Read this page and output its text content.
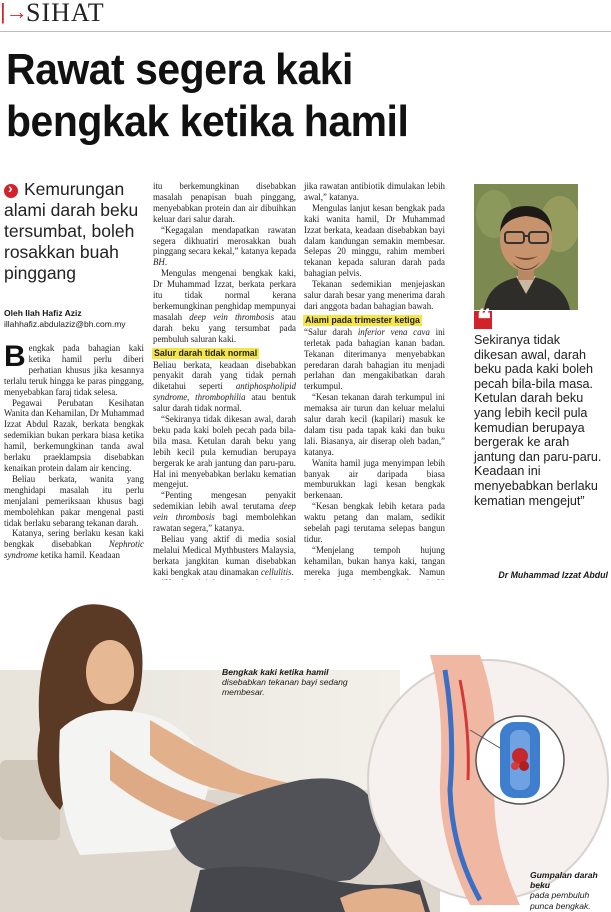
|→
SIHAT
Rawat segera kaki
bengkak ketika hamil
›
Kemurungan alami darah beku tersumbat, boleh rosakkan buah pinggang
Oleh Ilah Hafiz Aziz
illahhafiz.abdulaziz@bh.com.my

Bengkak pada bahagian kaki ketika hamil perlu diberi perhatian khusus jika kesannya terlalu teruk hingga ke paras pinggang, menyebabkan faraj tidak selesa.

Pegawai Perubatan Kesihatan Wanita dan Kehamilan, Dr Muhammad Izzat Abdul Razak, berkata bengkak sedemikian bukan perkara biasa ketika hamil, berkemungkinan tanda awal berlaku praeklampsia disebabkan kenaikan protein dalam air kencing.

Beliau berkata, wanita yang menghidapi masalah itu perlu menjalani pemeriksaan khusus bagi membolehkan pakar mengenal pasti tidak berlaku sebarang tekanan darah.

Katanya, sering berlaku kesan kaki bengkak disebabkan Nephrotic syndrome ketika hamil. Keadaan

itu berkemungkinan disebabkan masalah penapisan buah pinggang, menyebabkan protein dan air dibuihkan keluar dari salur darah.

“Kegagalan mendapatkan rawatan segera dikhuatiri merosakkan buah pinggang secara kekal,” katanya kepada BH.

Mengulas mengenai bengkak kaki, Dr Muhammad Izzat, berkata perkara itu tidak normal kerana berkemungkinan penghidap mempunyai masalah deep vein thrombosis atau darah beku yang tersumbat pada pembuluh saluran kaki.

Salur darah tidak normal

Beliau berkata, keadaan disebabkan penyakit darah yang tidak pernah diketahui seperti antiphospholipid syndrome, thrombophilia atau bentuk salur darah tidak normal.

“Sekiranya tidak dikesan awal, darah beku pada kaki boleh pecah pada bila-bila masa. Ketulan darah beku yang lebih kecil pula kemudian berupaya bergerak ke arah jantung dan paru-paru. Hal ini menyebabkan berlaku kematian mengejut.

“Penting mengesan penyakit sedemikian lebih awal terutama deep vein thrombosis bagi membolehkan rawatan segera,” katanya.

Beliau yang aktif di media sosial melalui Medical Mythbusters Malaysia, berkata jangkitan kuman disebabkan kaki bengkak atau dinamakan cellulitis.

jika rawatan antibiotik dimulakan lebih awal,” katanya.

Mengulas lanjut kesan bengkak pada kaki wanita hamil, Dr Muhammad Izzat berkata, keadaan disebabkan bayi dalam kandungan semakin membesar. Selepas 20 minggu, rahim memberi tekanan kepada saluran darah pada bahagian pelvis.

Tekanan sedemikian menjejaskan salur darah besar yang menerima darah dari anggota badan bahagian bawah.

Alami pada trimester ketiga

“Salur darah inferior vena cava ini terletak pada bahagian kanan badan. Tekanan diterimanya menyebabkan peredaran darah bahagian itu menjadi perlahan dan mengakibatkan darah terkumpul.

“Kesan tekanan darah terkumpul ini memaksa air turun dan keluar melalui salur darah kecil (kapilari) masuk ke dalam tisu pada tapak kaki dan buku lali. Biasanya, air diserap oleh badan,” katanya.

Wanita hamil juga menyimpan lebih banyak air daripada biasa memburukkan lagi kesan bengkak berkenaan.

“Kesan bengkak lebih ketara pada waktu petang dan malam, sedikit sebelah pagi terutama selepas bangun tidur.

“Menjelang tempoh hujung kehamilan, bukan hanya kaki, tangan mereka juga membengkak. Namun

❝
Sekiranya tidak dikesan awal, darah beku pada kaki boleh pecah bila-bila masa. Ketulan darah beku yang lebih kecil pula kemudian berupaya bergerak ke arah jantung dan paru-paru. Keadaan ini menyebabkan berlaku kematian mengejut”
Dr Muhammad Izzat Abdul
Bengkak kaki ketika hamil
disebabkan tekanan bayi sedang membesar.
Gumpalan darah beku
pada pembuluh punca bengkak.
